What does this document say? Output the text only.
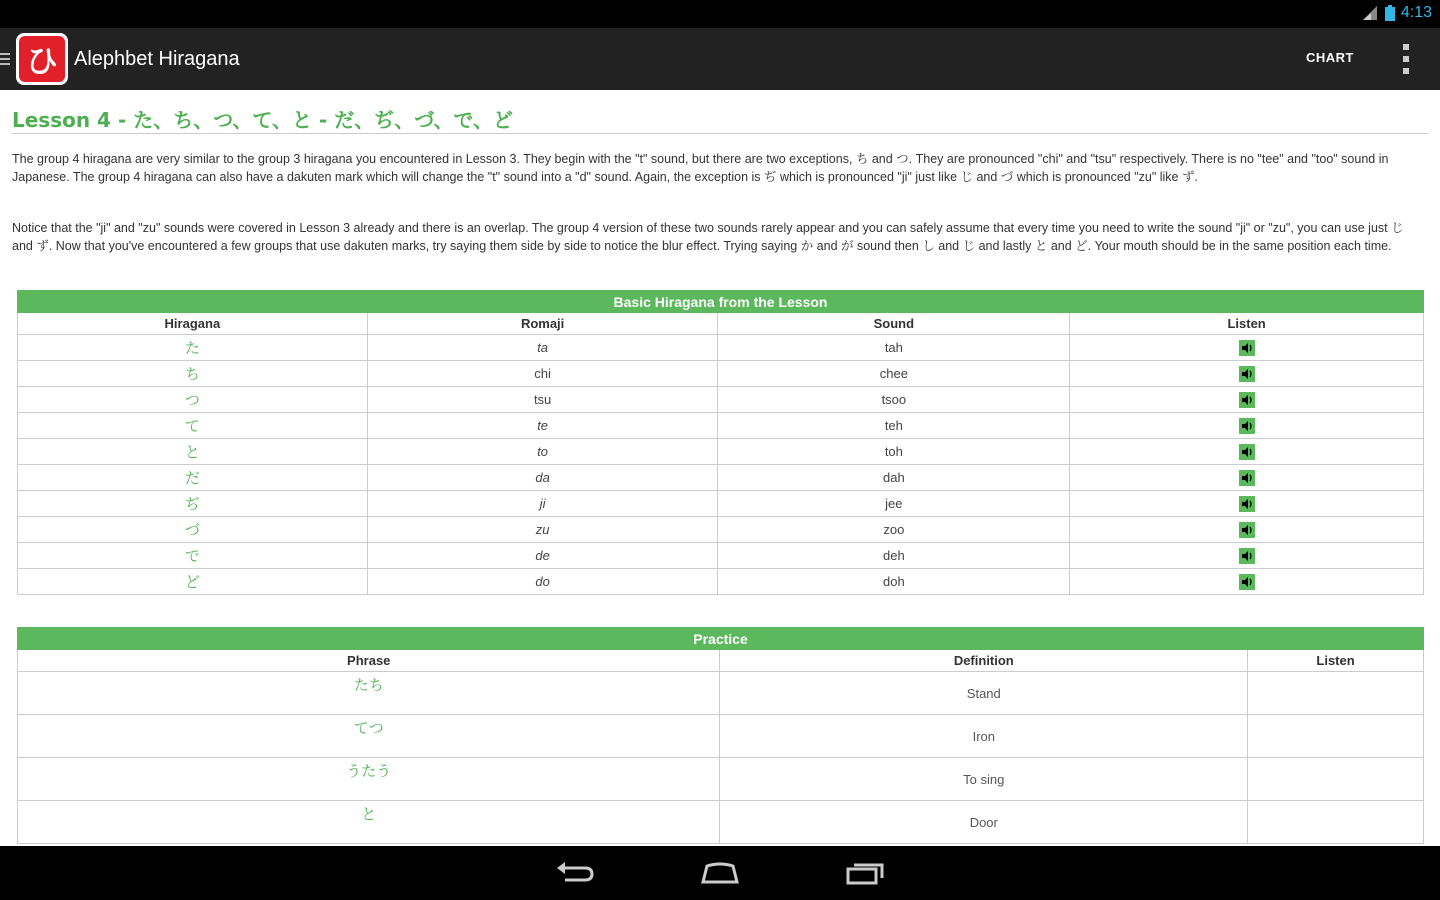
4:13
ひ Alephbet Hiragana	CHART
Lesson 4 - た、ち、つ、て、と - だ、ぢ、づ、で、ど

The group 4 hiragana are very similar to the group 3 hiragana you encountered in Lesson 3. They begin with the "t" sound, but there are two exceptions, ち and つ. They are pronounced "chi" and "tsu" respectively. There is no "tee" and "too" sound in Japanese. The group 4 hiragana can also have a dakuten mark which will change the "t" sound into a "d" sound. Again, the exception is ぢ which is pronounced "ji" just like じ and づ which is pronounced "zu" like ず.

Notice that the "ji" and "zu" sounds were covered in Lesson 3 already and there is an overlap. The group 4 version of these two sounds rarely appear and you can safely assume that every time you need to write the sound "ji" or "zu", you can use just じ and ず. Now that you've encountered a few groups that use dakuten marks, try saying them side by side to notice the blur effect. Trying saying か and が sound then し and じ and lastly と and ど. Your mouth should be in the same position each time.

Basic Hiragana from the Lesson			
Hiragana	Romaji	Sound	Listen
た	ta	tah	

ち	chi	chee	

つ	tsu	tsoo	

て	te	teh	

と	to	toh	

だ	da	dah	

ぢ	ji	jee	

づ	zu	zoo	

で	de	deh	

ど	do	doh	
Practice		
Phrase	Definition	Listen
たち	Stand	
てつ	Iron	
うたう	To sing	
と	Door	
